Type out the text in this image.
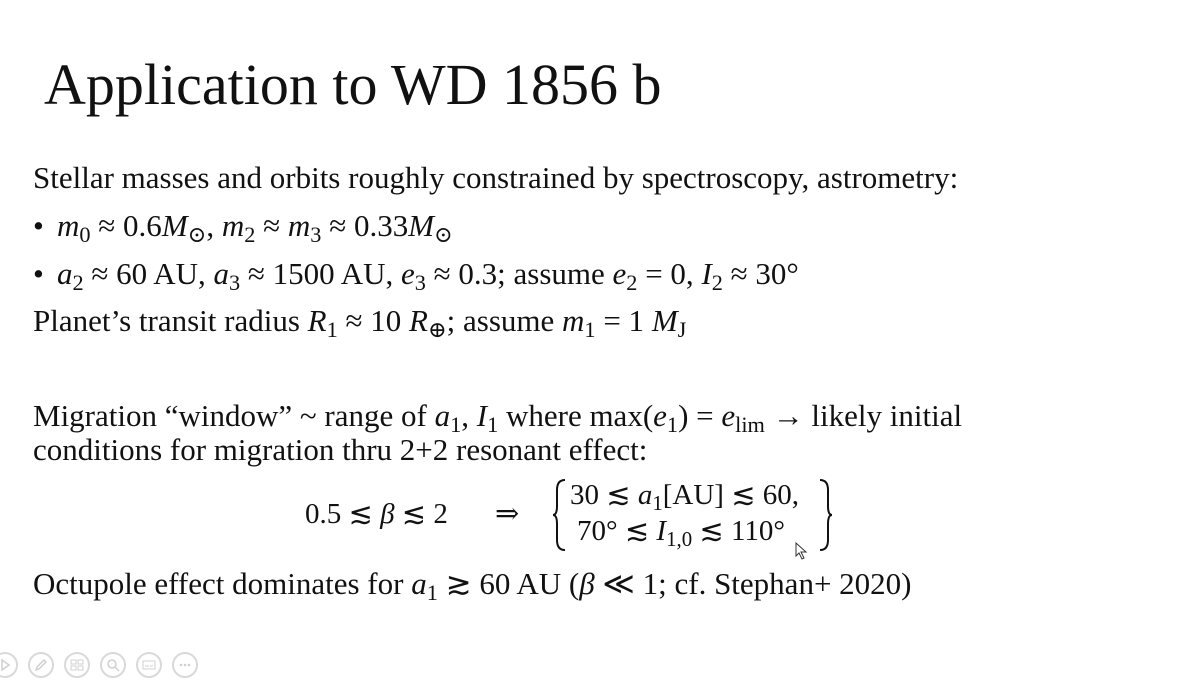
Application to WD 1856 b
Stellar masses and orbits roughly constrained by spectroscopy, astrometry:
• $m_0 \approx 0.6M_⊙$, $m_2 \approx m_3 \approx 0.33M_⊙$
• $a_2 \approx 60$ AU, $a_3 \approx 1500$ AU, $e_3 \approx 0.3$; assume $e_2 = 0$, $I_2 \approx 30^\circ$
Planet’s transit radius $R_1 \approx 10$ $R_\oplus$; assume $m_1 = 1$ $M_J$
Migration “window” ~ range of $a_1$, $I_1$ where $\max(e_1) = e_{lim}$ → likely initial
conditions for migration thru 2+2 resonant effect:
0.5 ≲ β ≲ 2 ⇒
30 ≲ $a_1[AU]$ ≲ 60,
70° ≲ $I_{1,0}$ ≲ 110°
Octupole effect dominates for $a_1$ ≳ 60 AU (β ≪ 1; cf. Stephan+ 2020)
